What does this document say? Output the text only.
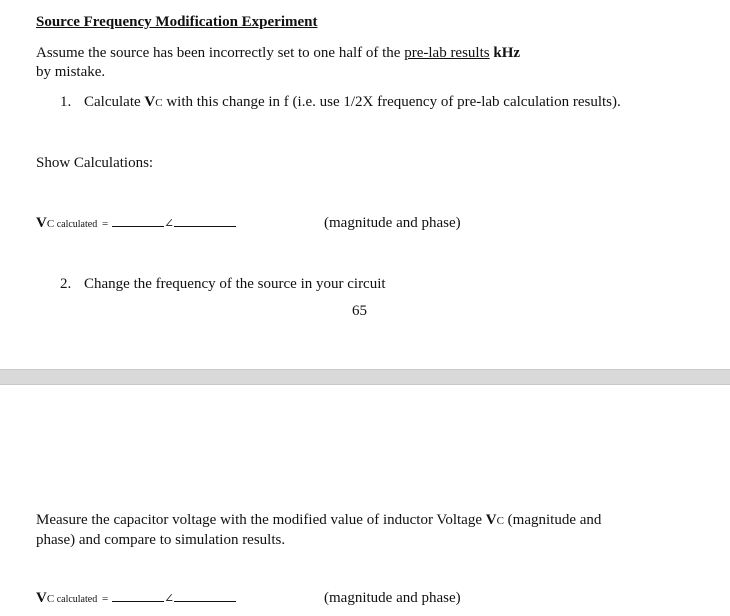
Source Frequency Modification Experiment
Assume the source has been incorrectly set to one half of the pre-lab results kHz
by mistake.
1. Calculate VC with this change in f (i.e. use 1/2X frequency of pre-lab calculation results).
Show Calculations:
VC calculated =	∠	(magnitude and phase)
2. Change the frequency of the source in your circuit
65
Measure the capacitor voltage with the modified value of inductor Voltage VC (magnitude and
phase) and compare to simulation results.
VC calculated =	∠	(magnitude and phase)
